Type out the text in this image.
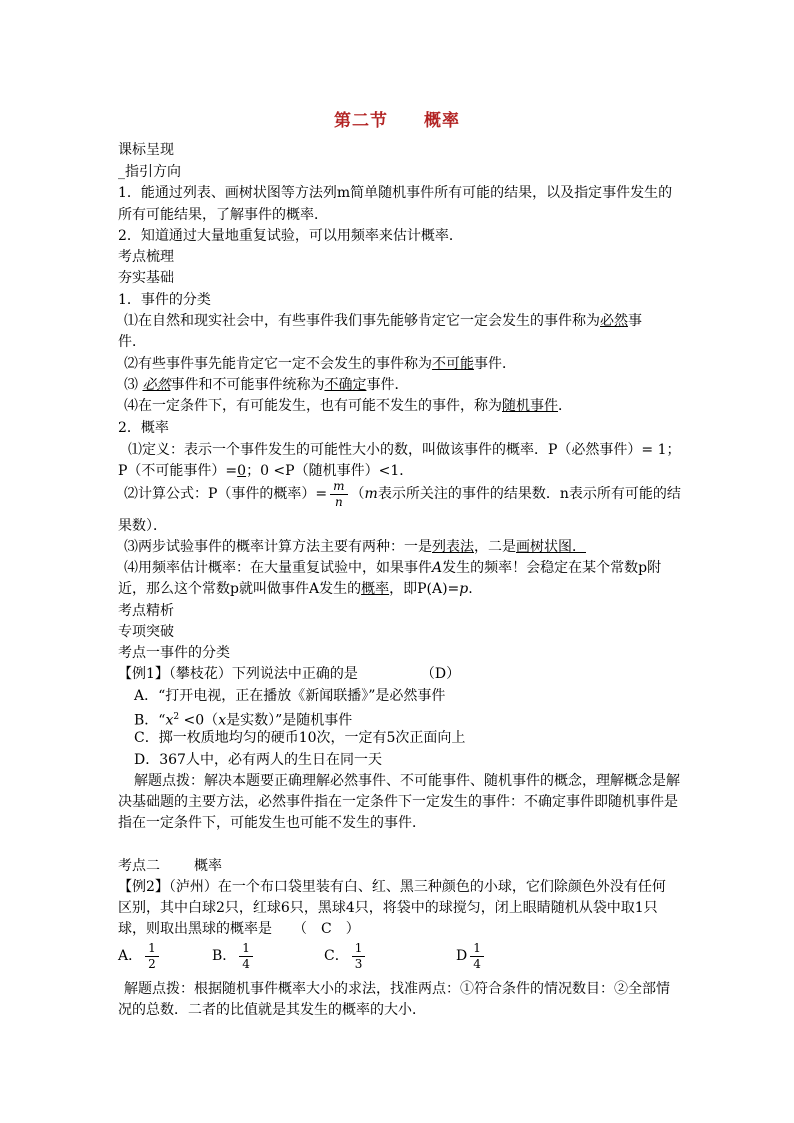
第二节 概率
课标呈现
_指引方向
1．能通过列表、画树状图等方法列m简单随机事件所有可能的结果，以及指定事件发生的
所有可能结果，了解事件的概率．
2．知道通过大量地重复试验，可以用频率来估计概率．
考点梳理
夯实基础
1．事件的分类
⑴在自然和现实社会中，有些事件我们事先能够肯定它一定会发生的事件称为必然事
件．
⑵有些事件事先能肯定它一定不会发生的事件称为不可能事件．
⑶ 必然事件和不可能事件统称为不确定事件．
⑷在一定条件下，有可能发生，也有可能不发生的事件，称为随机事件．
2．概率
⑴定义：表示一个事件发生的可能性大小的数，叫做该事件的概率．P（必然事件）= 1；
P（不可能事件）=0；0 <P（随机事件）<1．
⑵计算公式：P（事件的概率）= $\frac{m}{n} (m$表示所关注的事件的结果数．n表示所有可能的结
果数）．
⑶两步试验事件的概率计算方法主要有两种：一是列表法，二是画树状图．
⑷用频率估计概率：在大量重复试验中，如果事件A发生的频率！会稳定在某个常数p附
近，那么这个常数p就叫做事件A发生的概率，即P(A)=p.
考点精析
专项突破
考点一事件的分类
【例1】（攀枝花）下列说法中正确的是　　　　　（D）
A．“打开电视，正在播放《新闻联播》”是必然事件
B．“$x^2 <0(x$是实数）”是随机事件
C．掷一枚质地均匀的硬币10次，一定有5次正面向上
D．367人中，必有两人的生日在同一天
解题点拨：解决本题要正确理解必然事件、不可能事件、随机事件的概念，理解概念是解
决基础题的主要方法，必然事件指在一定条件下一定发生的事件：不确定事件即随机事件是
指在一定条件下，可能发生也可能不发生的事件．
考点二 概率
【例2】（泸州）在一个布口袋里装有白、红、黑三种颜色的小球，它们除颜色外没有任何
区别，其中白球2只，红球6只，黑球4只，将袋中的球搅匀，闭上眼睛随机从袋中取1只
球，则取出黑球的概率是　　（　C　）
A． $\frac{1}{2}$	B． $\frac{1}{4}$	C． $\frac{1}{3}$	D $\frac{1}{4}$
解题点拨：根据随机事件概率大小的求法，找准两点：①符合条件的情况数目：②全部情
况的总数．二者的比值就是其发生的概率的大小．
